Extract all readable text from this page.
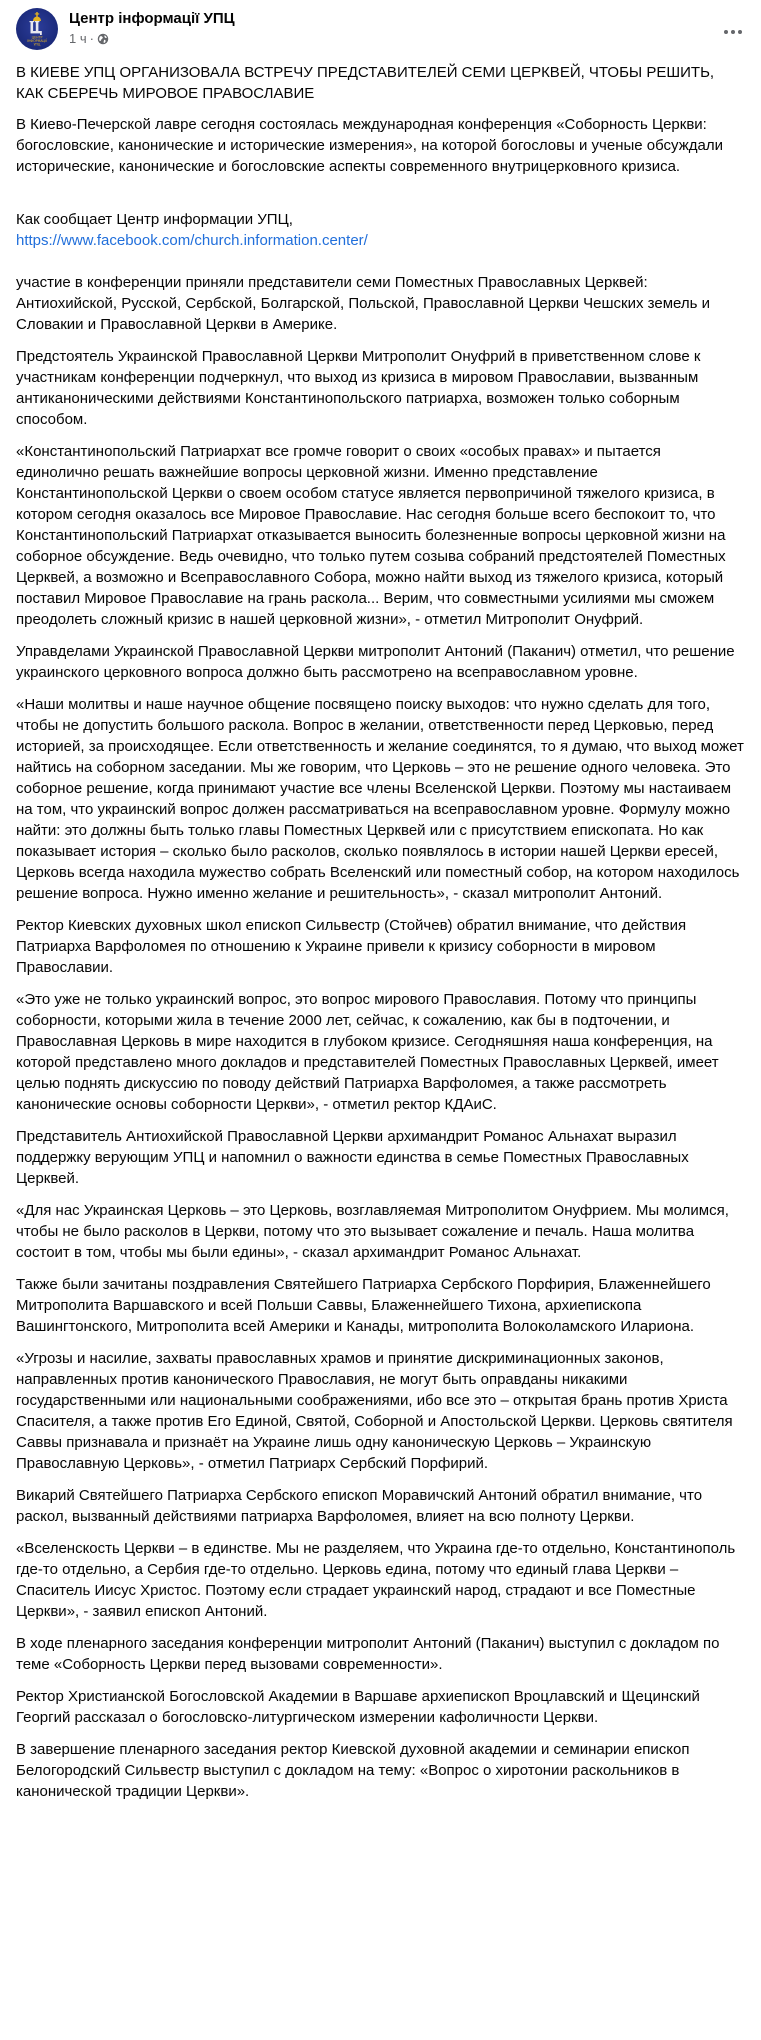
ЦЕНТР
ІНФОРМАЦІЇ
УПЦ
Центр інформації УПЦ
1 ч ·

В КИЕВЕ УПЦ ОРГАНИЗОВАЛА ВСТРЕЧУ ПРЕДСТАВИТЕЛЕЙ СЕМИ ЦЕРКВЕЙ, ЧТОБЫ РЕШИТЬ, КАК СБЕРЕЧЬ МИРОВОЕ ПРАВОСЛАВИЕ

В Киево-Печерской лавре сегодня состоялась международная конференция «Соборность Церкви: богословские, канонические и исторические измерения», на которой богословы и ученые обсуждали исторические, канонические и богословские аспекты современного внутрицерковного кризиса.

Как сообщает Центр информации УПЦ,

https://www.facebook.com/church.information.center/

участие в конференции приняли представители семи Поместных Православных Церквей: Антиохийской, Русской, Сербской, Болгарской, Польской, Православной Церкви Чешских земель и Словакии и Православной Церкви в Америке.

Предстоятель Украинской Православной Церкви Митрополит Онуфрий в приветственном слове к участникам конференции подчеркнул, что выход из кризиса в мировом Православии, вызванным антиканоническими действиями Константинопольского патриарха, возможен только соборным способом.

«Константинопольский Патриархат все громче говорит о своих «особых правах» и пытается единолично решать важнейшие вопросы церковной жизни. Именно представление Константинопольской Церкви о своем особом статусе является первопричиной тяжелого кризиса, в котором сегодня оказалось все Мировое Православие. Нас сегодня больше всего беспокоит то, что Константинопольский Патриархат отказывается выносить болезненные вопросы церковной жизни на соборное обсуждение. Ведь очевидно, что только путем созыва собраний предстоятелей Поместных Церквей, а возможно и Всеправославного Собора, можно найти выход из тяжелого кризиса, который поставил Мировое Православие на грань раскола... Верим, что совместными усилиями мы сможем преодолеть сложный кризис в нашей церковной жизни», - отметил Митрополит Онуфрий.

Управделами Украинской Православной Церкви митрополит Антоний (Паканич) отметил, что решение украинского церковного вопроса должно быть рассмотрено на всеправославном уровне.

«Наши молитвы и наше научное общение посвящено поиску выходов: что нужно сделать для того, чтобы не допустить большого раскола. Вопрос в желании, ответственности перед Церковью, перед историей, за происходящее. Если ответственность и желание соединятся, то я думаю, что выход может найтись на соборном заседании. Мы же говорим, что Церковь – это не решение одного человека. Это соборное решение, когда принимают участие все члены Вселенской Церкви. Поэтому мы настаиваем на том, что украинский вопрос должен рассматриваться на всеправославном уровне. Формулу можно найти: это должны быть только главы Поместных Церквей или с присутствием епископата. Но как показывает история – сколько было расколов, сколько появлялось в истории нашей Церкви ересей, Церковь всегда находила мужество собрать Вселенский или поместный собор, на котором находилось решение вопроса. Нужно именно желание и решительность», - сказал митрополит Антоний.

Ректор Киевских духовных школ епископ Сильвестр (Стойчев) обратил внимание, что действия Патриарха Варфоломея по отношению к Украине привели к кризису соборности в мировом Православии.

«Это уже не только украинский вопрос, это вопрос мирового Православия. Потому что принципы соборности, которыми жила в течение 2000 лет, сейчас, к сожалению, как бы в подточении, и Православная Церковь в мире находится в глубоком кризисе. Сегодняшняя наша конференция, на которой представлено много докладов и представителей Поместных Православных Церквей, имеет целью поднять дискуссию по поводу действий Патриарха Варфоломея, а также рассмотреть канонические основы соборности Церкви», - отметил ректор КДАиС.

Представитель Антиохийской Православной Церкви архимандрит Романос Альнахат выразил поддержку верующим УПЦ и напомнил о важности единства в семье Поместных Православных Церквей.

«Для нас Украинская Церковь – это Церковь, возглавляемая Митрополитом Онуфрием. Мы молимся, чтобы не было расколов в Церкви, потому что это вызывает сожаление и печаль. Наша молитва состоит в том, чтобы мы были едины», - сказал архимандрит Романос Альнахат.

Также были зачитаны поздравления Святейшего Патриарха Сербского Порфирия, Блаженнейшего Митрополита Варшавского и всей Польши Саввы, Блаженнейшего Тихона, архиепископа Вашингтонского, Митрополита всей Америки и Канады, митрополита Волоколамского Илариона.

«Угрозы и насилие, захваты православных храмов и принятие дискриминационных законов, направленных против канонического Православия, не могут быть оправданы никакими государственными или национальными соображениями, ибо все это – открытая брань против Христа Спасителя, а также против Его Единой, Святой, Соборной и Апостольской Церкви. Церковь святителя Саввы признавала и признаёт на Украине лишь одну каноническую Церковь – Украинскую Православную Церковь», - отметил Патриарх Сербский Порфирий.

Викарий Святейшего Патриарха Сербского епископ Моравичский Антоний обратил внимание, что раскол, вызванный действиями патриарха Варфоломея, влияет на всю полноту Церкви.

«Вселенскость Церкви – в единстве. Мы не разделяем, что Украина где-то отдельно, Константинополь где-то отдельно, а Сербия где-то отдельно. Церковь едина, потому что единый глава Церкви – Спаситель Иисус Христос. Поэтому если страдает украинский народ, страдают и все Поместные Церкви», - заявил епископ Антоний.

В ходе пленарного заседания конференции митрополит Антоний (Паканич) выступил с докладом по теме «Соборность Церкви перед вызовами современности».

Ректор Христианской Богословской Академии в Варшаве архиепископ Вроцлавский и Щецинский Георгий рассказал о богословско-литургическом измерении кафоличности Церкви.

В завершение пленарного заседания ректор Киевской духовной академии и семинарии епископ Белогородский Сильвестр выступил с докладом на тему: «Вопрос о хиротонии раскольников в канонической традиции Церкви».
